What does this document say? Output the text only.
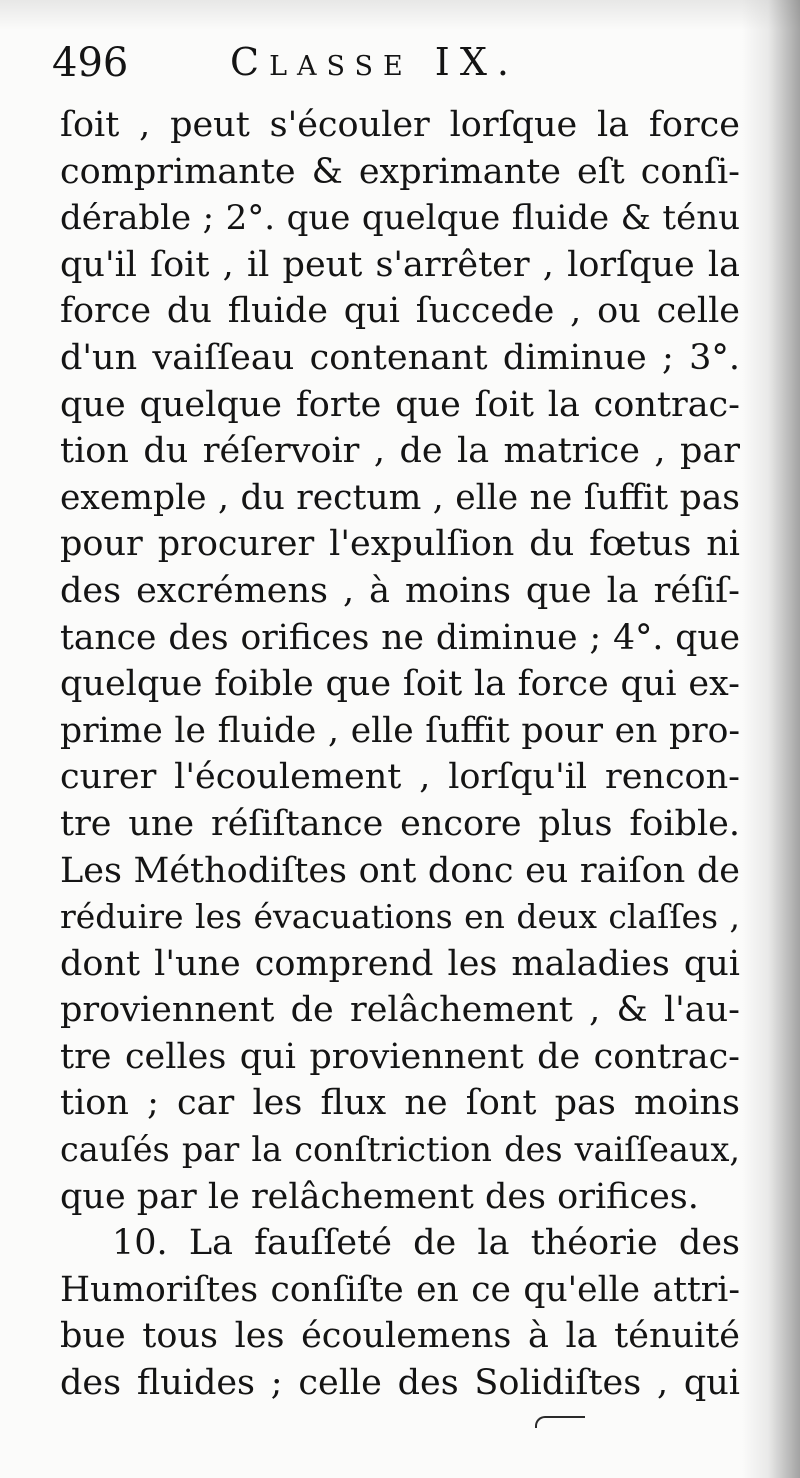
496	Classe IX.
ſoit , peut s'écouler lorſque la force
comprimante & exprimante eſt conſi-
dérable ; 2°. que quelque fluide & ténu
qu'il ſoit , il peut s'arrêter , lorſque la
force du fluide qui ſuccede , ou celle
d'un vaiſſeau contenant diminue ; 3°.
que quelque forte que ſoit la contrac-
tion du réſervoir , de la matrice , par
exemple , du rectum , elle ne ſuffit pas
pour procurer l'expulſion du fœtus ni
des excrémens , à moins que la réſiſ-
tance des orifices ne diminue ; 4°. que
quelque foible que ſoit la force qui ex-
prime le fluide , elle ſuffit pour en pro-
curer l'écoulement , lorſqu'il rencon-
tre une réſiſtance encore plus foible.
Les Méthodiſtes ont donc eu raiſon de
réduire les évacuations en deux claſſes ,
dont l'une comprend les maladies qui
proviennent de relâchement , & l'au-
tre celles qui proviennent de contrac-
tion ; car les flux ne ſont pas moins
cauſés par la conſtriction des vaiſſeaux,
que par le relâchement des orifices.
10. La fauſſeté de la théorie des
Humoriſtes conſiſte en ce qu'elle attri-
bue tous les écoulemens à la ténuité
des fluides ; celle des Solidiſtes , qui
